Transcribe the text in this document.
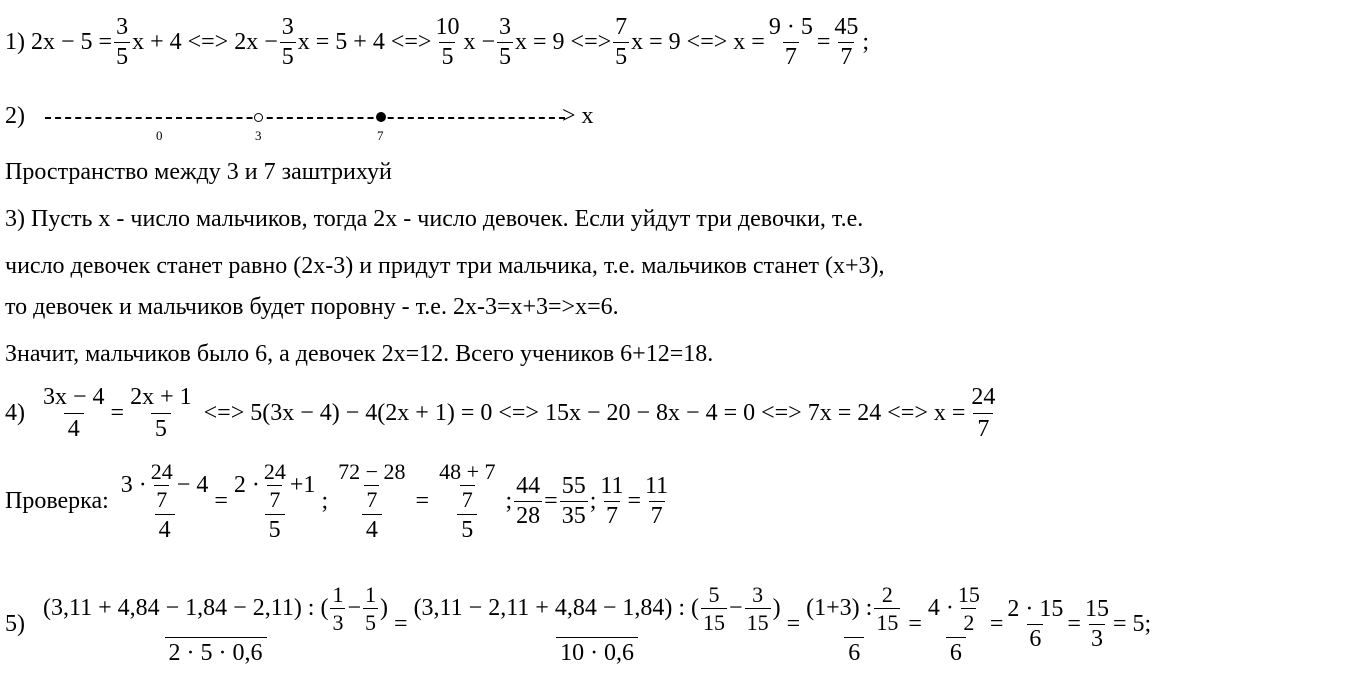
1) $2x - 5 = \frac{3}{5}$ x + 4 <=> $2x - \frac{3}{5}$ x = 5 + 4 <=> $\frac{10}{5}$ $x - \frac{3}{5}$ x = 9 <=> $\frac{7}{5}$ x = 9 <=> $x = \frac{9 \cdot 5}{7} = \frac{45}{7}$ ;
2)
0	3	7
> x
Пространство между 3 и 7 заштрихуй
3) Пусть х - число мальчиков, тогда 2х - число девочек. Если уйдут три девочки, т.е.
число девочек станет равно (2х-3) и придут три мальчика, т.е. мальчиков станет (х+3),
то девочек и мальчиков будет поровну - т.е. 2х-3=х+3=>х=6.
Значит, мальчиков было 6, а девочек 2х=12. Всего учеников 6+12=18.
$4) \frac{3x - 4}{4} = \frac{2x + 1}{5}$ <=> 5(3x − 4) − 4(2x + 1) = 0 <=> 15x − 20 − 8x − 4 = 0 <=> 7x = 24 <=> $x = \frac{24}{7}$
Проверка: $\frac{3 \cdot \frac{24}{7} - 4}{4} = \frac{2 \cdot \frac{24}{7} +1}{5}$ ; $\frac{\frac{72 - 28}{7}}{4} = \frac{\frac{48 + 7}{7}}{5}$ ; $\frac{44}{28} = \frac{55}{35}$ ; $\frac{11}{7} = \frac{11}{7}$
$5) \frac{(3,11 + 4,84 - 1,84 - 2,11) : ( \frac{1}{3} - \frac{1}{5} )}{2 \cdot 5 \cdot 0,6} = \frac{(3,11 - 2,11 + 4,84 - 1,84) : ( \frac{5}{15} - \frac{3}{15} )}{10 \cdot 0,6} = \frac{(1+3) : \frac{2}{15}}{6} = \frac{4 \cdot \frac{15}{2}}{6} = \frac{2 \cdot 15}{6} = \frac{15}{3} = 5$;
